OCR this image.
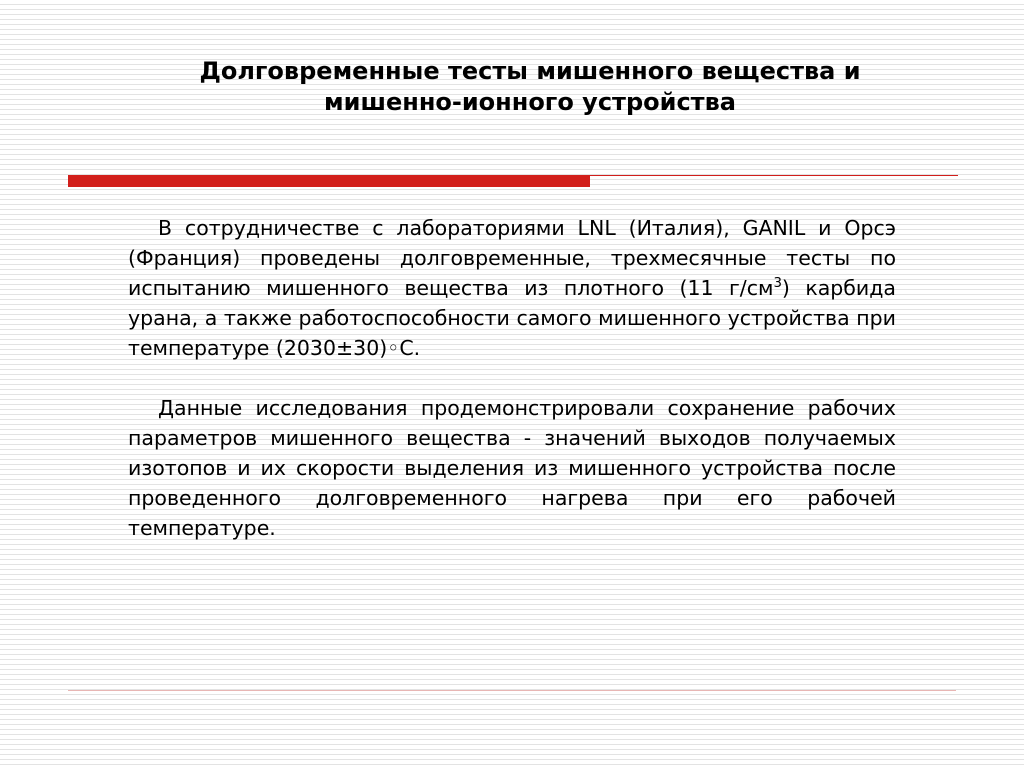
Долговременные тесты мишенного вещества и
мишенно-ионного устройства

В сотрудничестве с лабораториями LNL (Италия), GANIL и Орсэ (Франция) проведены долговременные, трехмесячные тесты по испытанию мишенного вещества из плотного (11 $г/см^3$) карбида урана, а также работоспособности самого мишенного устройства при температуре (2030±30)◦С.

Данные исследования продемонстрировали сохранение рабочих параметров мишенного вещества - значений выходов получаемых изотопов и их скорости выделения из мишенного устройства после проведенного долговременного нагрева при его рабочей температуре.
